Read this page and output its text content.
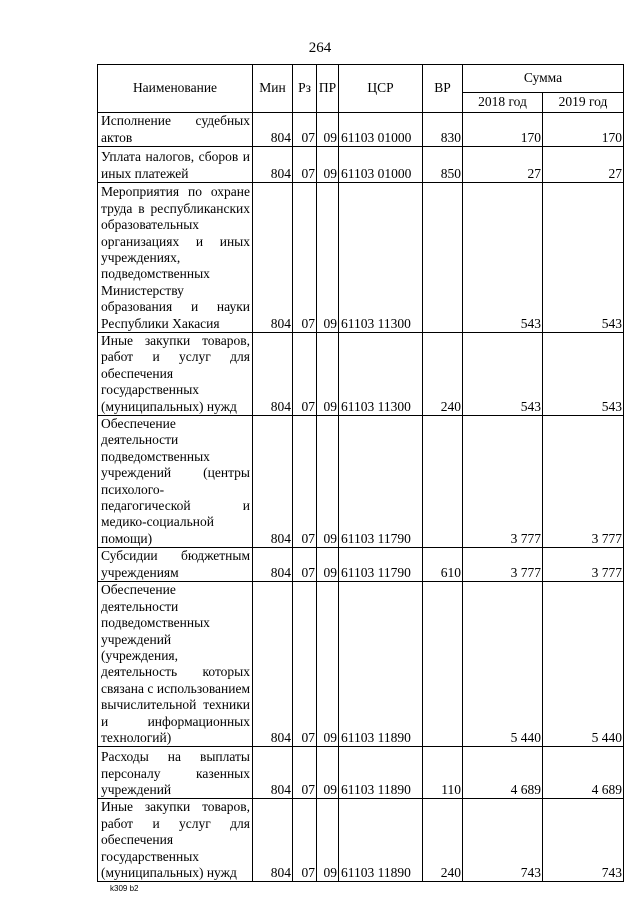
264
Наименование	Мин	Рз	ПР	ЦСР	ВР	Сумма	
						2018 год	2019 год
Исполнение судебных актов	804	07	09	61103 01000	830	170	170
Уплата налогов, сборов и иных платежей	804	07	09	61103 01000	850	27	27
Мероприятия по охране труда в республиканских образовательных организациях и иных учреждениях, подведомственных Министерству образования и науки Республики Хакасия	804	07	09	61103 11300		543	543
Иные закупки товаров, работ и услуг для обеспечения государственных (муниципальных) нужд	804	07	09	61103 11300	240	543	543
Обеспечение деятельности подведомственных учреждений (центры психолого-педагогической и медико-социальной помощи)	804	07	09	61103 11790		3 777	3 777
Субсидии бюджетным учреждениям	804	07	09	61103 11790	610	3 777	3 777
Обеспечение деятельности подведомственных учреждений (учреждения, деятельность которых связана с использованием вычислительной техники и информационных технологий)	804	07	09	61103 11890		5 440	5 440
Расходы на выплаты персоналу казенных учреждений	804	07	09	61103 11890	110	4 689	4 689
Иные закупки товаров, работ и услуг для обеспечения государственных (муниципальных) нужд	804	07	09	61103 11890	240	743	743
k309 b2
